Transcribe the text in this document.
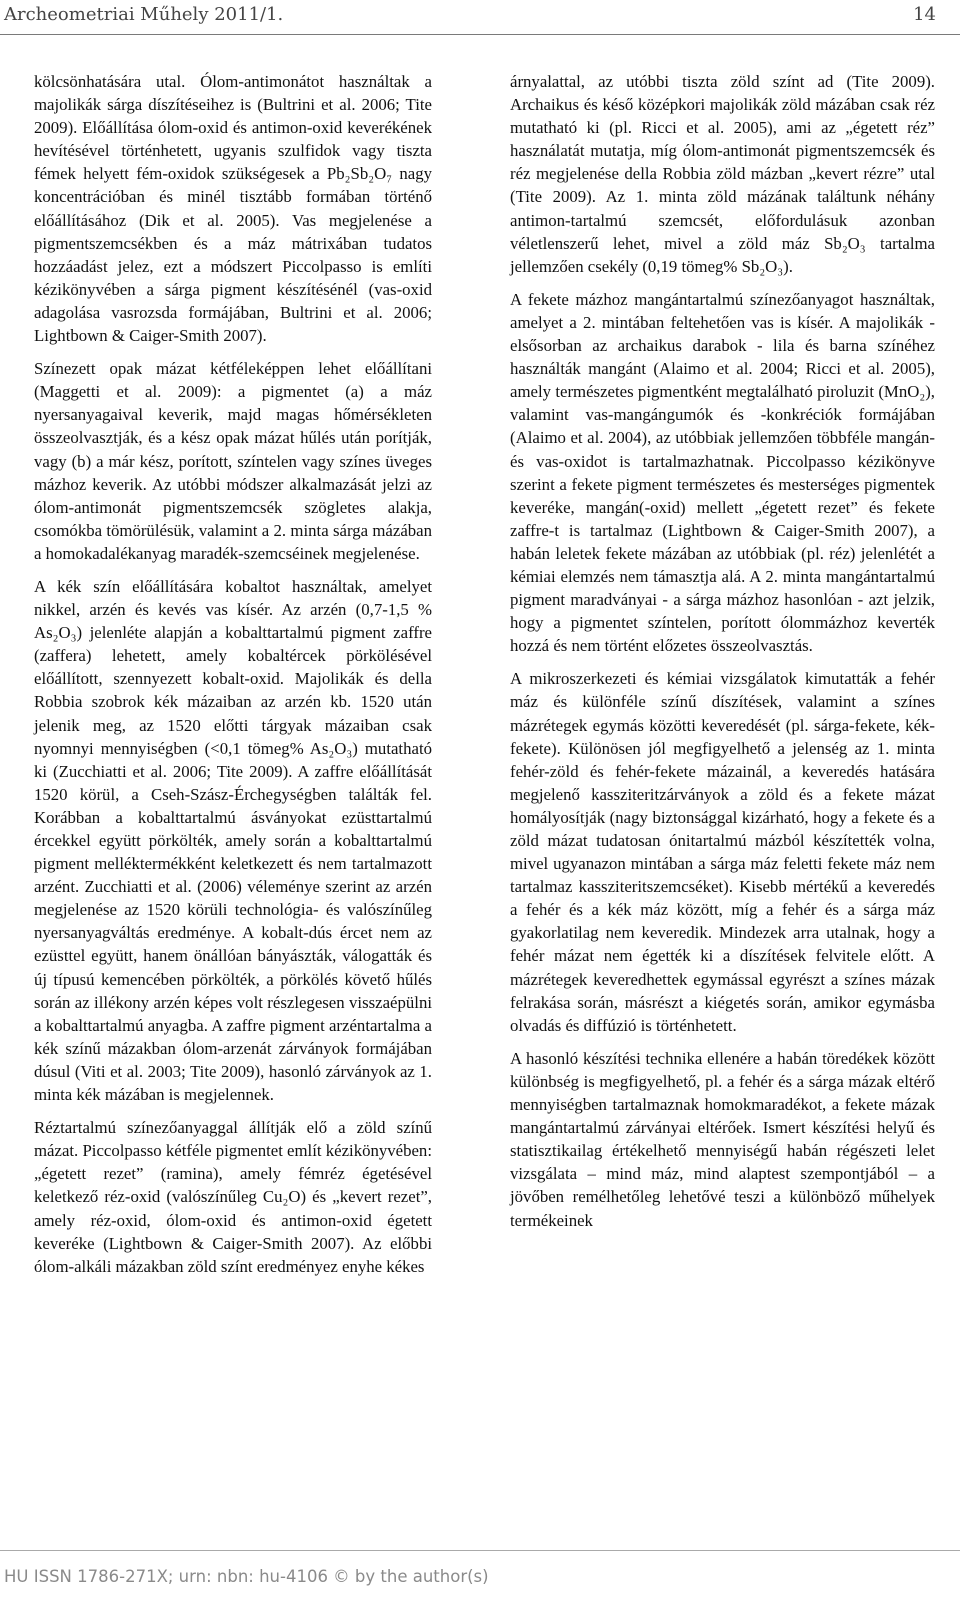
Archeometriai Műhely 2011/1.	14

kölcsönhatására utal. Ólom-antimonátot használtak a majolikák sárga díszítéseihez is (Bultrini et al. 2006; Tite 2009). Előállítása ólom-oxid és antimon-oxid keverékének hevítésével történhetett, ugyanis szulfidok vagy tiszta fémek helyett fém-oxidok szükségesek a Pb₂Sb₂O₇ nagy koncentrációban és minél tisztább formában történő előállításához (Dik et al. 2005). Vas megjelenése a pigmentszemcsékben és a máz mátrixában tudatos hozzáadást jelez, ezt a módszert Piccolpasso is említi kézikönyvében a sárga pigment készítésénél (vas-oxid adagolása vasrozsda formájában, Bultrini et al. 2006; Lightbown & Caiger-Smith 2007).

Színezett opak mázat kétféleképpen lehet előállítani (Maggetti et al. 2009): a pigmentet (a) a máz nyersanyagaival keverik, majd magas hőmérsékleten összeolvasztják, és a kész opak mázat hűlés után porítják, vagy (b) a már kész, porított, színtelen vagy színes üveges mázhoz keverik. Az utóbbi módszer alkalmazását jelzi az ólom-antimonát pigmentszemcsék szögletes alakja, csomókba tömörülésük, valamint a 2. minta sárga mázában a homokadalékanyag maradék-szemcséinek megjelenése.

A kék szín előállítására kobaltot használtak, amelyet nikkel, arzén és kevés vas kísér. Az arzén (0,7-1,5 % As₂O₃) jelenléte alapján a kobalttartalmú pigment zaffre (zaffera) lehetett, amely kobaltércek pörkölésével előállított, szennyezett kobalt-oxid. Majolikák és della Robbia szobrok kék mázaiban az arzén kb. 1520 után jelenik meg, az 1520 előtti tárgyak mázaiban csak nyomnyi mennyiségben (<0,1 tömeg% As₂O₃) mutatható ki (Zucchiatti et al. 2006; Tite 2009). A zaffre előállítását 1520 körül, a Cseh-Szász-Érchegységben találták fel. Korábban a kobalttartalmú ásványokat ezüsttartalmú ércekkel együtt pörkölték, amely során a kobalttartalmú pigment melléktermékként keletkezett és nem tartalmazott arzént. Zucchiatti et al. (2006) véleménye szerint az arzén megjelenése az 1520 körüli technológia- és valószínűleg nyersanyagváltás eredménye. A kobalt-dús ércet nem az ezüsttel együtt, hanem önállóan bányászták, válogatták és új típusú kemencében pörkölték, a pörkölés követő hűlés során az illékony arzén képes volt részlegesen visszaépülni a kobalttartalmú anyagba. A zaffre pigment arzéntartalma a kék színű mázakban ólom-arzenát zárványok formájában dúsul (Viti et al. 2003; Tite 2009), hasonló zárványok az 1. minta kék mázában is megjelennek.

Réztartalmú színezőanyaggal állítják elő a zöld színű mázat. Piccolpasso kétféle pigmentet említ kézikönyvében: „égetett rezet” (ramina), amely fémréz égetésével keletkező réz-oxid (valószínűleg Cu₂O) és „kevert rezet”, amely réz-oxid, ólom-oxid és antimon-oxid égetett keveréke (Lightbown & Caiger-Smith 2007). Az előbbi ólom-alkáli mázakban zöld színt eredményez enyhe kékes

árnyalattal, az utóbbi tiszta zöld színt ad (Tite 2009). Archaikus és késő középkori majolikák zöld mázában csak réz mutatható ki (pl. Ricci et al. 2005), ami az „égetett réz” használatát mutatja, míg ólom-antimonát pigmentszemcsék és réz megjelenése della Robbia zöld mázban „kevert rézre” utal (Tite 2009). Az 1. minta zöld mázának találtunk néhány antimon-tartalmú szemcsét, előfordulásuk azonban véletlenszerű lehet, mivel a zöld máz Sb₂O₃ tartalma jellemzően csekély (0,19 tömeg% Sb₂O₃).

A fekete mázhoz mangántartalmú színezőanyagot használtak, amelyet a 2. mintában feltehetően vas is kísér. A majolikák - elsősorban az archaikus darabok - lila és barna színéhez használták mangánt (Alaimo et al. 2004; Ricci et al. 2005), amely természetes pigmentként megtalálható piroluzit (MnO₂), valamint vas-mangángumók és -konkréciók formájában (Alaimo et al. 2004), az utóbbiak jellemzően többféle mangán- és vas-oxidot is tartalmazhatnak. Piccolpasso kézikönyve szerint a fekete pigment természetes és mesterséges pigmentek keveréke, mangán(-oxid) mellett „égetett rezet” és fekete zaffre-t is tartalmaz (Lightbown & Caiger-Smith 2007), a habán leletek fekete mázában az utóbbiak (pl. réz) jelenlétét a kémiai elemzés nem támasztja alá. A 2. minta mangántartalmú pigment maradványai - a sárga mázhoz hasonlóan - azt jelzik, hogy a pigmentet színtelen, porított ólommázhoz keverték hozzá és nem történt előzetes összeolvasztás.

A mikroszerkezeti és kémiai vizsgálatok kimutatták a fehér máz és különféle színű díszítések, valamint a színes mázrétegek egymás közötti keveredését (pl. sárga-fekete, kék-fekete). Különösen jól megfigyelhető a jelenség az 1. minta fehér-zöld és fehér-fekete mázainál, a keveredés hatására megjelenő kassziteritzárványok a zöld és a fekete mázat homályosítják (nagy biztonsággal kizárható, hogy a fekete és a zöld mázat tudatosan ónitartalmú mázból készítették volna, mivel ugyanazon mintában a sárga máz feletti fekete máz nem tartalmaz kassziteritszemcséket). Kisebb mértékű a keveredés a fehér és a kék máz között, míg a fehér és a sárga máz gyakorlatilag nem keveredik. Mindezek arra utalnak, hogy a fehér mázat nem égették ki a díszítések felvitele előtt. A mázrétegek keveredhettek egymással egyrészt a színes mázak felrakása során, másrészt a kiégetés során, amikor egymásba olvadás és diffúzió is történhetett.

A hasonló készítési technika ellenére a habán töredékek között különbség is megfigyelhető, pl. a fehér és a sárga mázak eltérő mennyiségben tartalmaznak homokmaradékot, a fekete mázak mangántartalmú zárványai eltérőek. Ismert készítési helyű és statisztikailag értékelhető mennyiségű habán régészeti lelet vizsgálata – mind máz, mind alaptest szempontjából – a jövőben remélhetőleg lehetővé teszi a különböző műhelyek termékeinek

HU ISSN 1786-271X; urn: nbn: hu-4106 © by the author(s)
